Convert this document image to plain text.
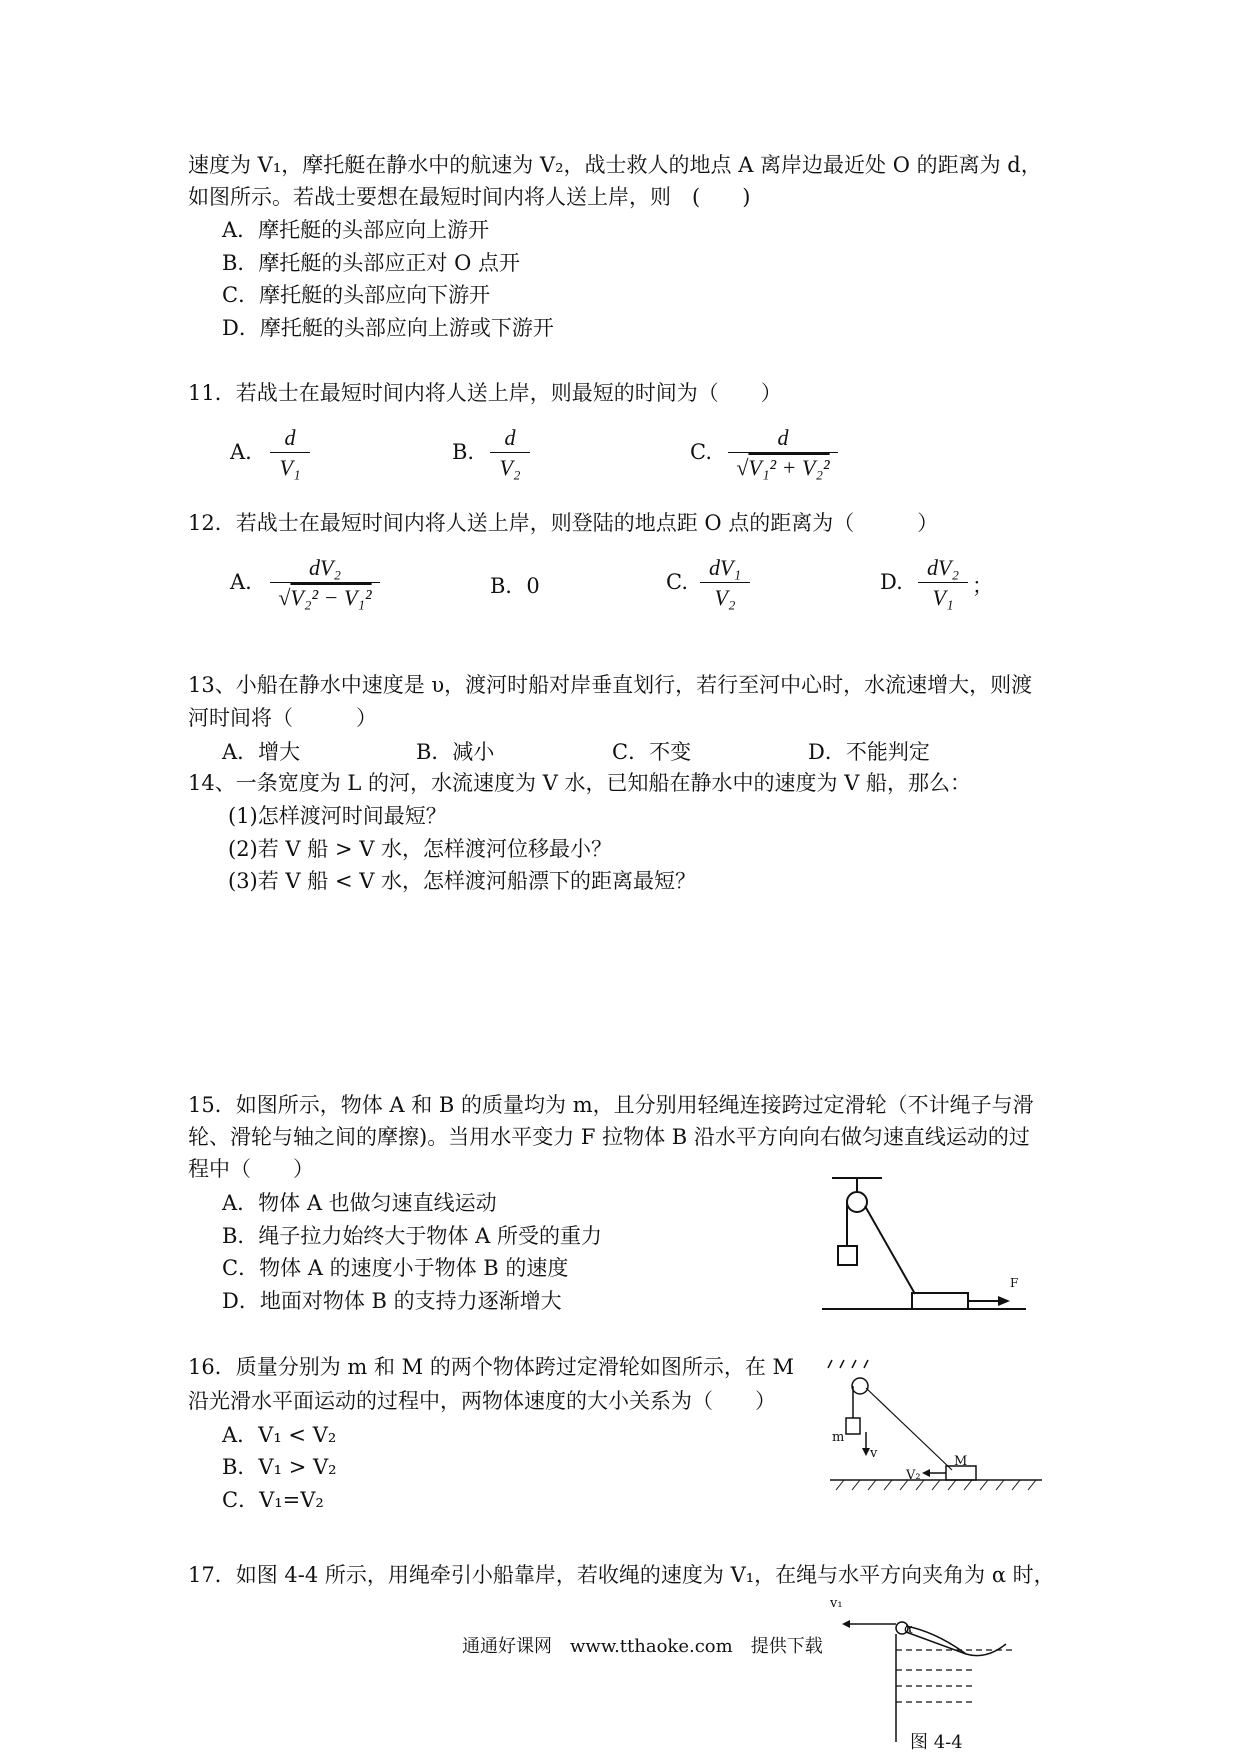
速度为 V₁，摩托艇在静水中的航速为 V₂，战士救人的地点 A 离岸边最近处 O 的距离为 d，
如图所示。若战士要想在最短时间内将人送上岸，则　(　　)
A．摩托艇的头部应向上游开
B．摩托艇的头部应正对 O 点开
C．摩托艇的头部应向下游开
D．摩托艇的头部应向上游或下游开
11．若战士在最短时间内将人送上岸，则最短的时间为（　　）
A.
d
V₁
B.
d
V₂
C.
d
√V₁² + V₂²
12．若战士在最短时间内将人送上岸，则登陆的地点距 O 点的距离为（　　　）
A.
dV₂
√V₂² − V₁²	B．0	C.
dV₁
V₂
D.
dV₂
V₁ ；
13、小船在静水中速度是 υ，渡河时船对岸垂直划行，若行至河中心时，水流速增大，则渡
河时间将（　　　）
A．增大	B．减小	C．不变	D．不能判定
14、一条宽度为 L 的河，水流速度为 V 水，已知船在静水中的速度为 V 船，那么：
(1)怎样渡河时间最短？
(2)若 V 船 > V 水，怎样渡河位移最小？
(3)若 V 船 < V 水，怎样渡河船漂下的距离最短？
15．如图所示，物体 A 和 B 的质量均为 m，且分别用轻绳连接跨过定滑轮（不计绳子与滑
轮、滑轮与轴之间的摩擦)。当用水平变力 F 拉物体 B 沿水平方向向右做匀速直线运动的过
程中（　　）
A．物体 A 也做匀速直线运动
B．绳子拉力始终大于物体 A 所受的重力
C．物体 A 的速度小于物体 B 的速度
D．地面对物体 B 的支持力逐渐增大
F
16．质量分别为 m 和 M 的两个物体跨过定滑轮如图所示，在 M
沿光滑水平面运动的过程中，两物体速度的大小关系为（　　）
A．V₁ < V₂
B．V₁ > V₂
C．V₁=V₂
m
v
V₂
M
17．如图 4-4 所示，用绳牵引小船靠岸，若收绳的速度为 V₁，在绳与水平方向夹角为 α 时，
v₁
α
图 4-4
通通好课网　www.tthaoke.com　提供下载
